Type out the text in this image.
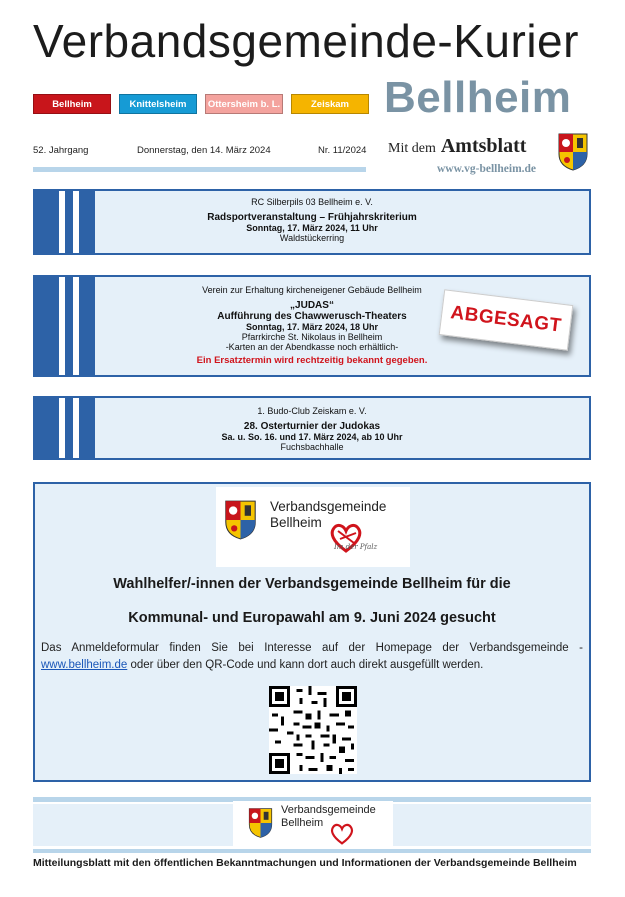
Verbandsgemeinde-Kurier
Bellheim	Knittelsheim	Ottersheim b. L.	Zeiskam Bellheim
52. Jahrgang	Donnerstag, den 14. März 2024	Nr. 11/2024 Mit dem Amtsblatt
www.vg-bellheim.de
RC Silberpils 03 Bellheim e. V.
Radsportveranstaltung – Frühjahrskriterium
Sonntag, 17. März 2024, 11 Uhr
Waldstückerring
Verein zur Erhaltung kircheneigener Gebäude Bellheim
„JUDAS“
Aufführung des Chawwerusch-Theaters
Sonntag, 17. März 2024, 18 Uhr
Pfarrkirche St. Nikolaus in Bellheim
-Karten an der Abendkasse noch erhältlich-
Ein Ersatztermin wird rechtzeitig bekannt gegeben.
ABGESAGT
1. Budo-Club Zeiskam e. V.
28. Osterturnier der Judokas
Sa. u. So. 16. und 17. März 2024, ab 10 Uhr
Fuchsbachhalle
Verbandsgemeinde
Bellheim
Im der Pfalz
Wahlhelfer/-innen der Verbandsgemeinde Bellheim für die
Kommunal- und Europawahl am 9. Juni 2024 gesucht
Das Anmeldeformular finden Sie bei Interesse auf der Homepage der Verbandsgemeinde - www.bellheim.de oder über den QR-Code und kann dort auch direkt ausgefüllt werden.
Verbandsgemeinde
Bellheim
Mitteilungsblatt mit den öffentlichen Bekanntmachungen und Informationen der Verbandsgemeinde Bellheim
